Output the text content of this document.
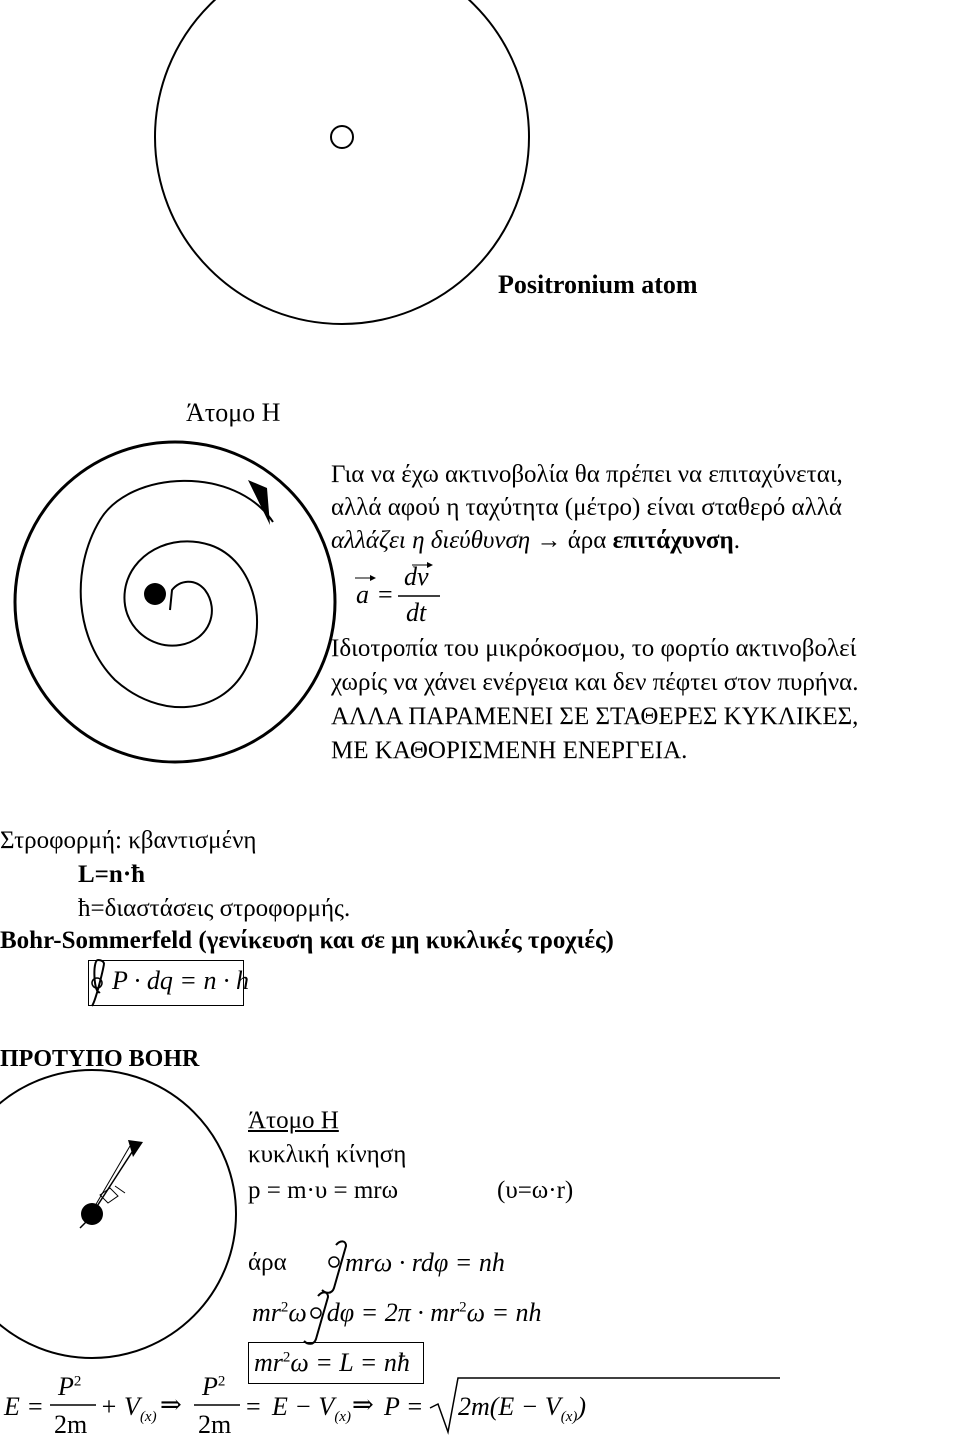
Positronium atom
Άτομο Η
Για να έχω ακτινοβολία θα πρέπει να επιταχύνεται,
αλλά αφού η ταχύτητα (μέτρο) είναι σταθερό αλλά
αλλάζει η διεύθυνση → άρα επιτάχυνση.
a =
dv
dt
Ιδιοτροπία του μικρόκοσμου, το φορτίο ακτινοβολεί
χωρίς να χάνει ενέργεια και δεν πέφτει στον πυρήνα.
ΑΛΛΑ ΠΑΡΑΜΕΝΕΙ ΣΕ ΣΤΑΘΕΡΕΣ ΚΥΚΛΙΚΕΣ,
ΜΕ ΚΑΘΟΡΙΣΜΕΝΗ ΕΝΕΡΓΕΙΑ.
Στροφορμή: κβαντισμένη
L=n·ħ
ħ=διαστάσεις στροφορμής.
Bohr-Sommerfeld (γενίκευση και σε μη κυκλικές τροχιές)
P · dq = n · h
ΠΡΟΤΥΠΟ BOHR
Άτομο Η
κυκλική κίνηση
p = m·υ = mrω	(υ=ω·r)
άρα mrω · rdφ = nh
$mr^2\omega$ $d\varphi = 2\pi \cdot mr^2\omega$ = nh
$mr^2\omega = L$ = nħ
E =
$P^2$
2m
+ $V_{(x)}$ ⇒
$P^2$
2m
= $E - V_{(x)}$ ⇒ $P = 2m(E - V_{(x)})$
